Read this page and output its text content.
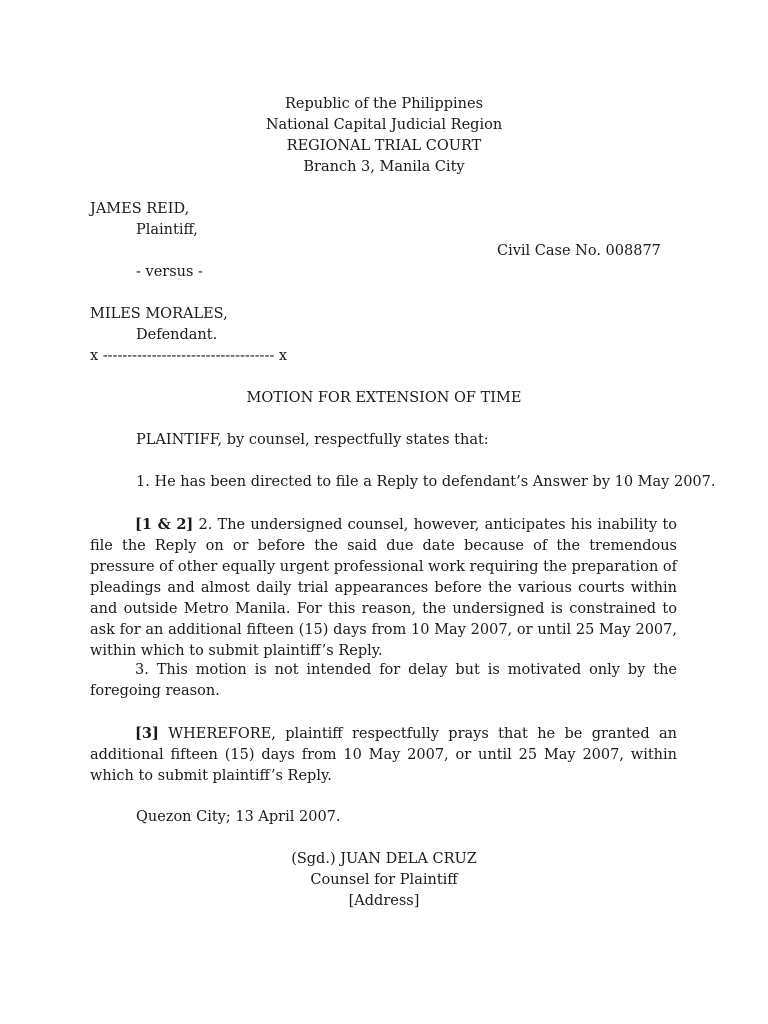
Republic of the Philippines
National Capital Judicial Region
REGIONAL TRIAL COURT
Branch 3, Manila City
JAMES REID,
Plaintiff,
Civil Case No. 008877
- versus -
MILES MORALES,
Defendant.
x ----------------------------------- x
MOTION FOR EXTENSION OF TIME
PLAINTIFF, by counsel, respectfully states that:
1. He has been directed to file a Reply to defendant’s Answer by 10 May 2007.
[1 & 2] 2. The undersigned counsel, however, anticipates his inability to file the Reply on or before the said due date because of the tremendous pressure of other equally urgent professional work requiring the preparation of pleadings and almost daily trial appearances before the various courts within and outside Metro Manila. For this reason, the undersigned is constrained to ask for an additional fifteen (15) days from 10 May 2007, or until 25 May 2007, within which to submit plaintiff’s Reply.
3. This motion is not intended for delay but is motivated only by the foregoing reason.
[3] WHEREFORE, plaintiff respectfully prays that he be granted an additional fifteen (15) days from 10 May 2007, or until 25 May 2007, within which to submit plaintiff’s Reply.
Quezon City; 13 April 2007.
(Sgd.) JUAN DELA CRUZ
Counsel for Plaintiff
[Address]
